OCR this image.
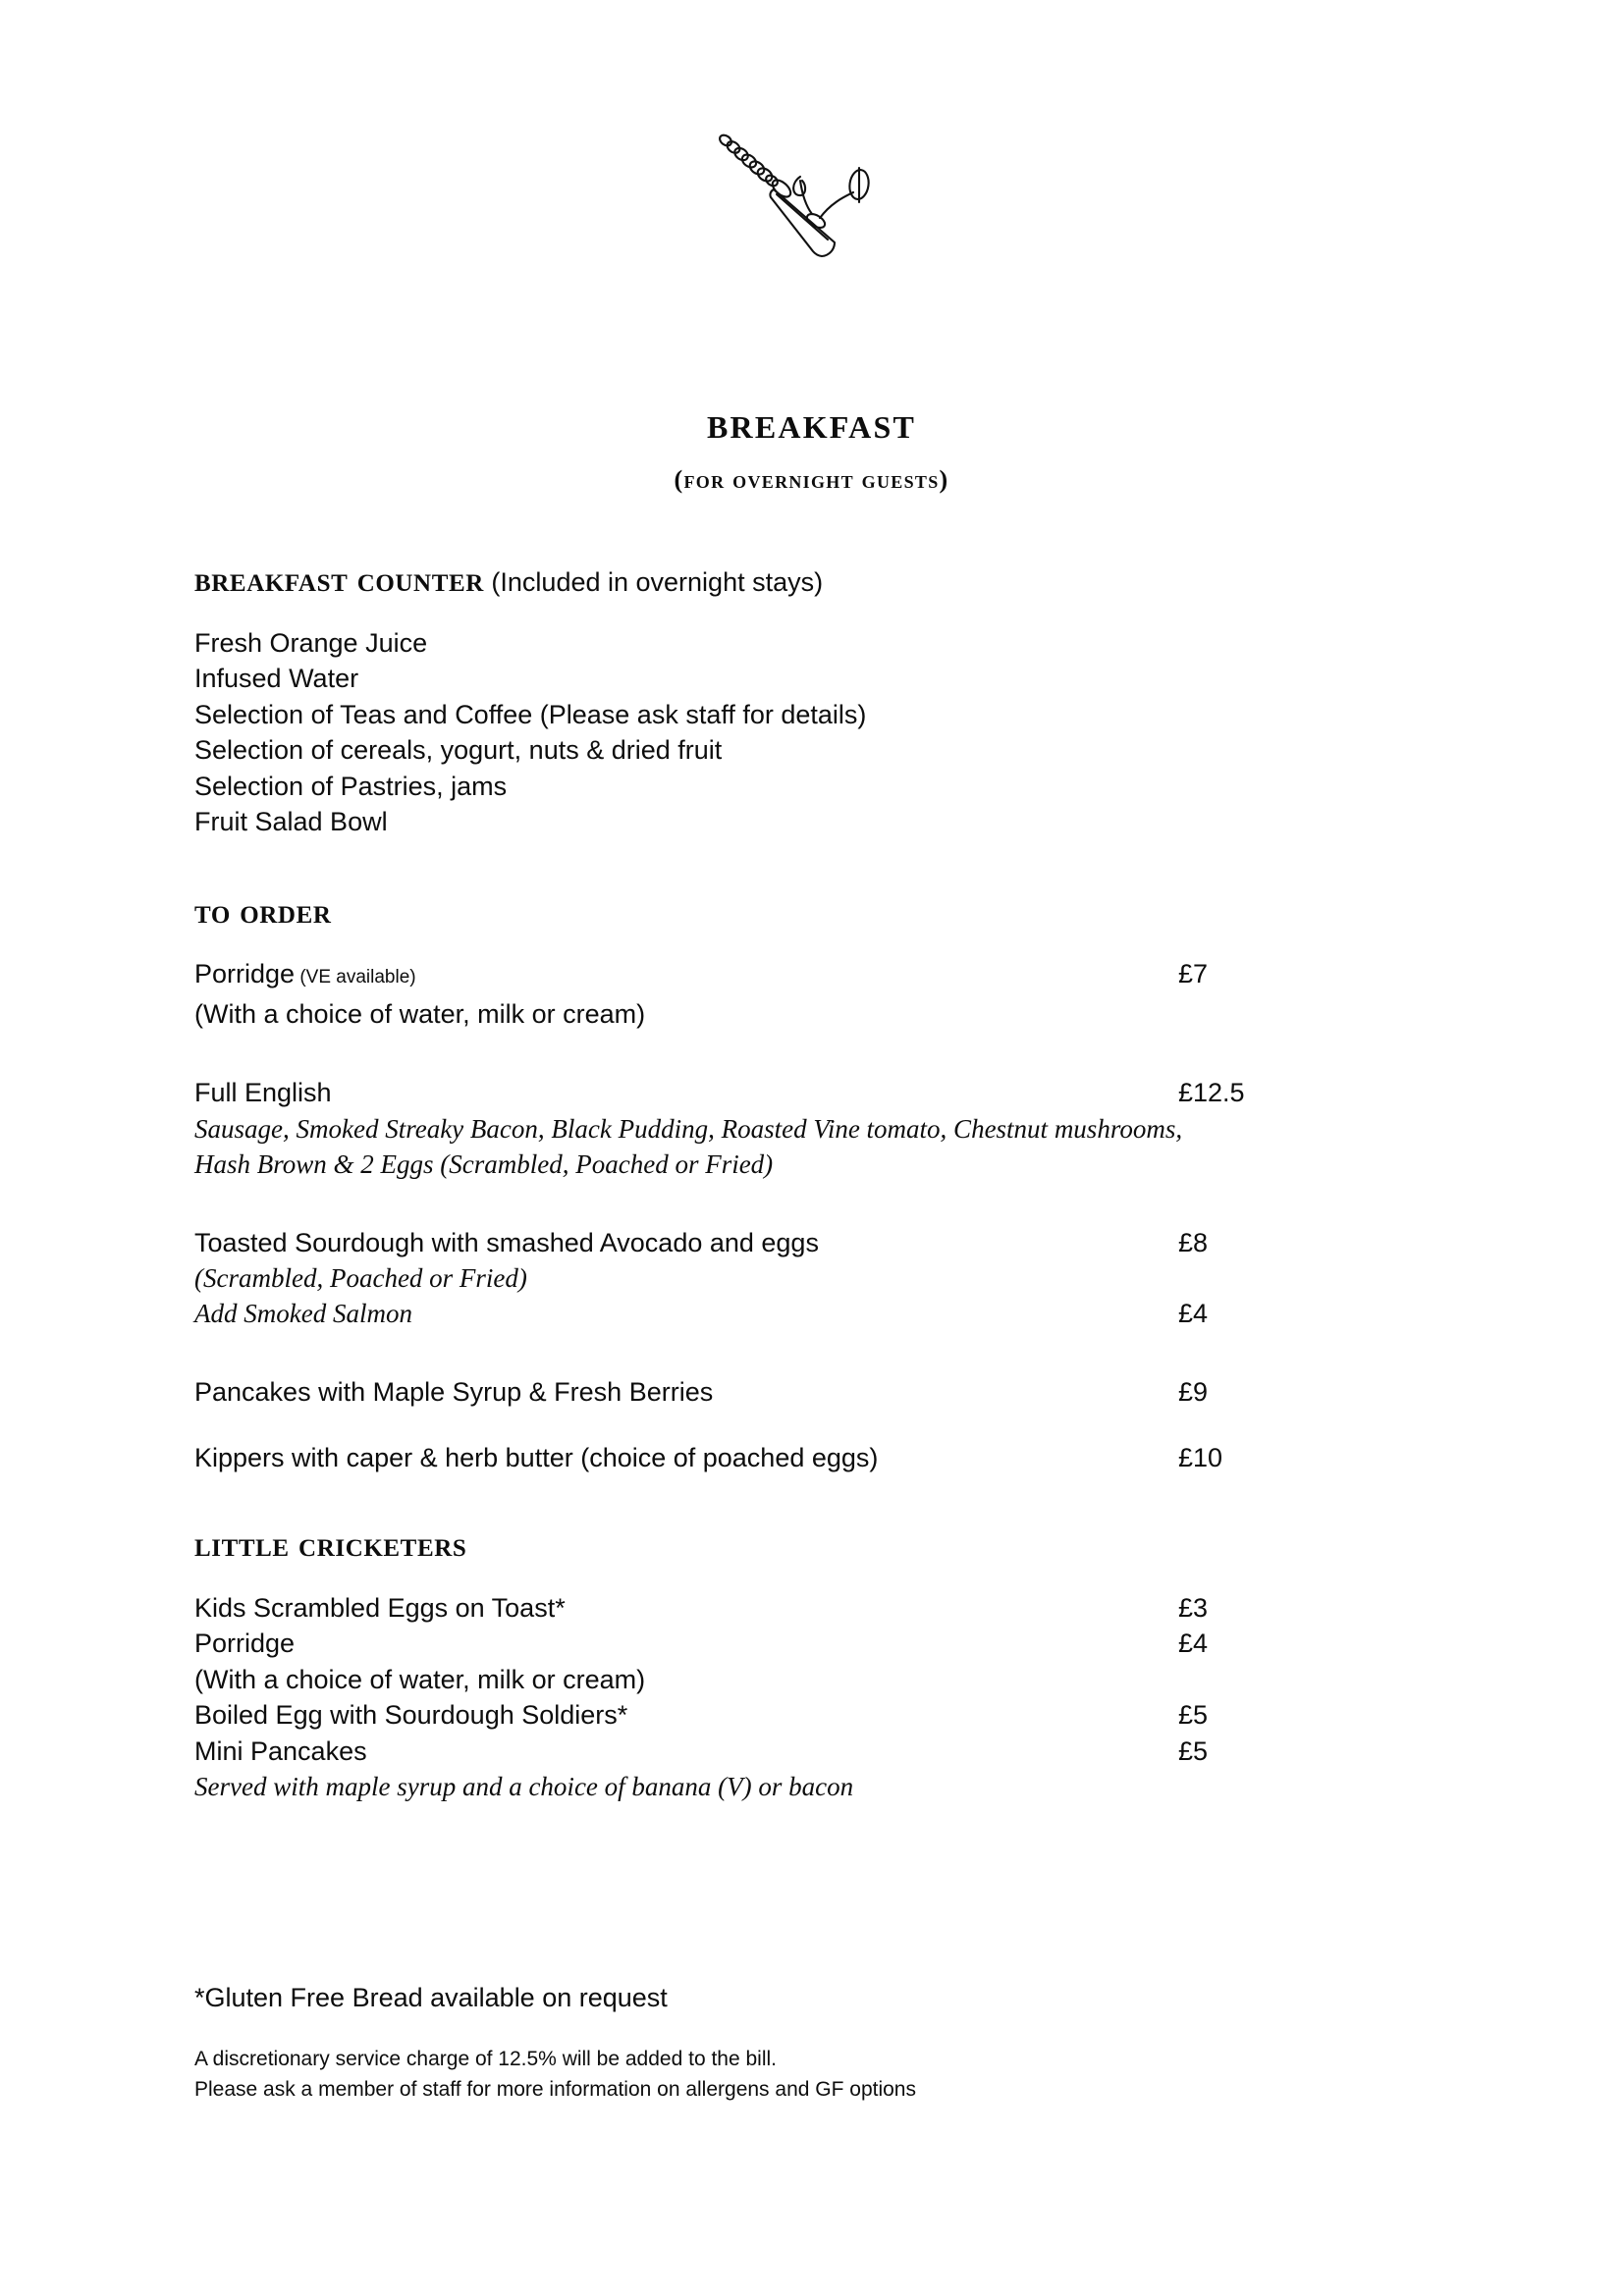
breakfast
(for overnight guests)
breakfast counter (Included in overnight stays)
Fresh Orange Juice
Infused Water
Selection of Teas and Coffee (Please ask staff for details)
Selection of cereals, yogurt, nuts & dried fruit
Selection of Pastries, jams
Fruit Salad Bowl
to order
Porridge (VE available)	£7
(With a choice of water, milk or cream)
Full English	£12.5
Sausage, Smoked Streaky Bacon, Black Pudding, Roasted Vine tomato, Chestnut mushrooms, Hash Brown & 2 Eggs (Scrambled, Poached or Fried)
Toasted Sourdough with smashed Avocado and eggs	£8
(Scrambled, Poached or Fried)
Add Smoked Salmon	£4
Pancakes with Maple Syrup & Fresh Berries	£9
Kippers with caper & herb butter (choice of poached eggs)	£10
little cricketers
Kids Scrambled Eggs on Toast*	£3
Porridge	£4
(With a choice of water, milk or cream)
Boiled Egg with Sourdough Soldiers*	£5
Mini Pancakes	£5
Served with maple syrup and a choice of banana (V) or bacon
*Gluten Free Bread available on request
A discretionary service charge of 12.5% will be added to the bill.
Please ask a member of staff for more information on allergens and GF options
